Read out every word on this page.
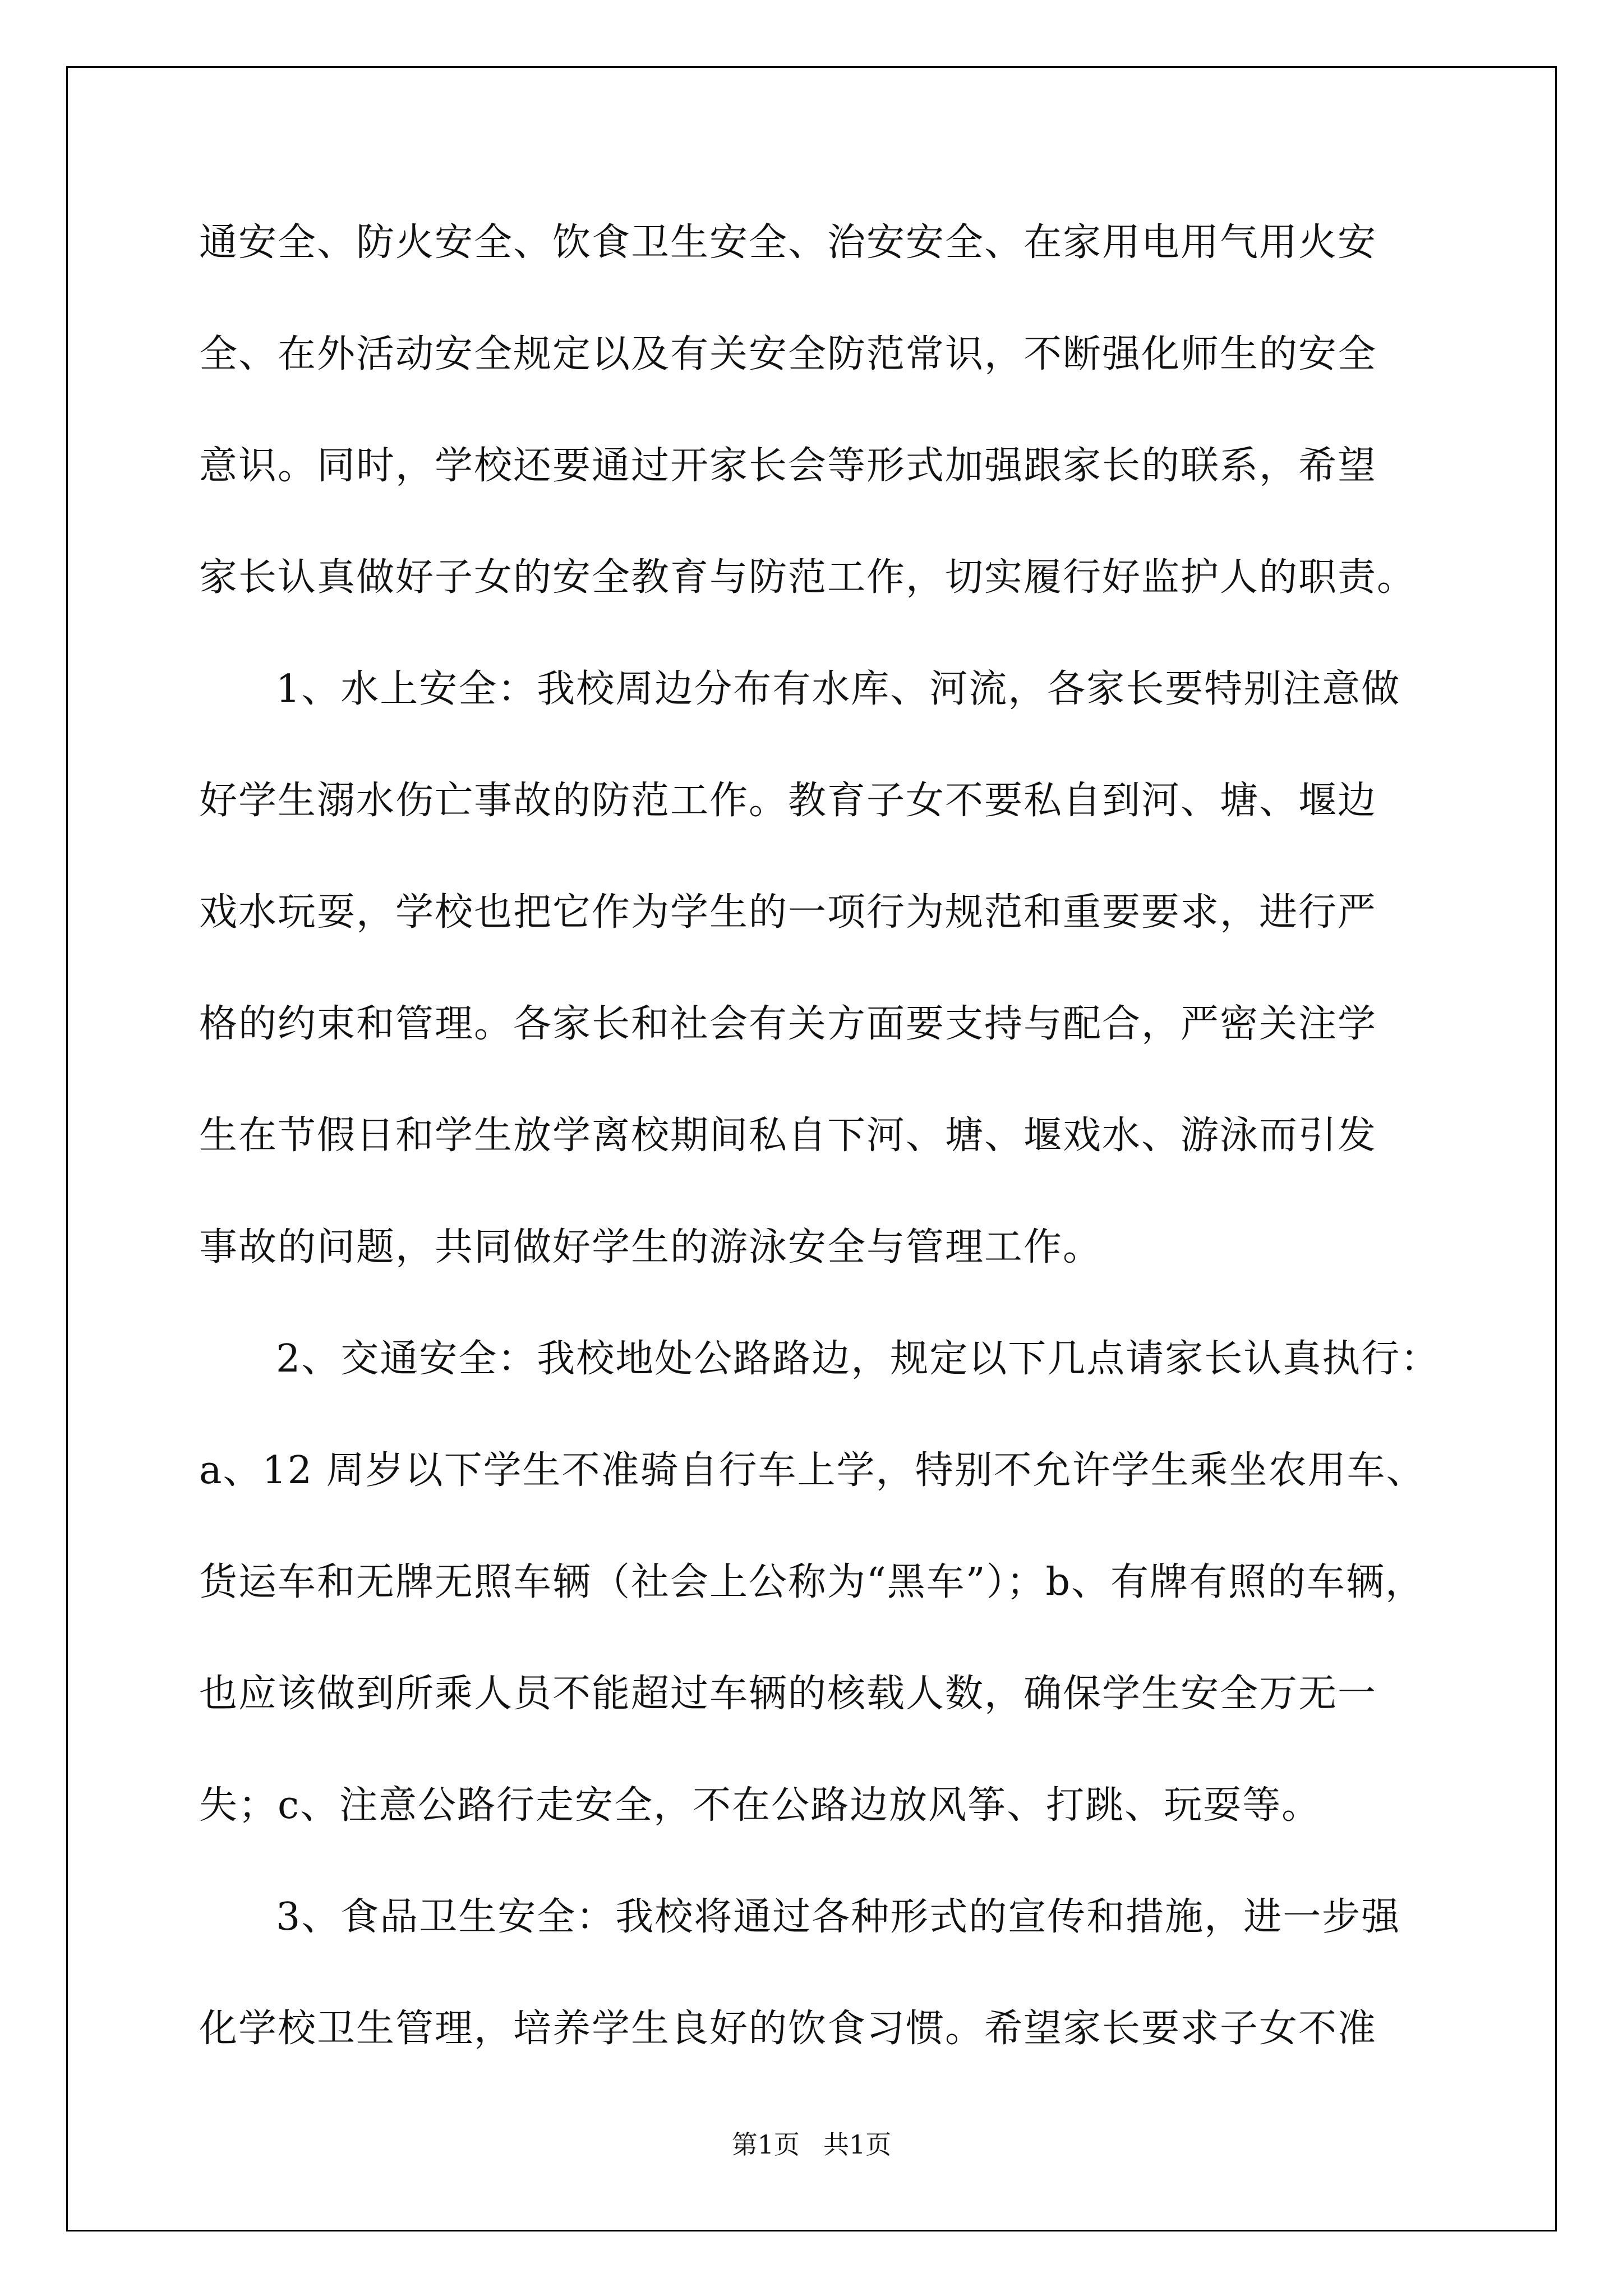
通安全、防火安全、饮食卫生安全、治安安全、在家用电用气用火安
全、在外活动安全规定以及有关安全防范常识，不断强化师生的安全
意识。同时，学校还要通过开家长会等形式加强跟家长的联系，希望
家长认真做好子女的安全教育与防范工作，切实履行好监护人的职责。
1、水上安全：我校周边分布有水库、河流，各家长要特别注意做
好学生溺水伤亡事故的防范工作。教育子女不要私自到河、塘、堰边
戏水玩耍，学校也把它作为学生的一项行为规范和重要要求，进行严
格的约束和管理。各家长和社会有关方面要支持与配合，严密关注学
生在节假日和学生放学离校期间私自下河、塘、堰戏水、游泳而引发
事故的问题，共同做好学生的游泳安全与管理工作。
2、交通安全：我校地处公路路边，规定以下几点请家长认真执行：
a、12 周岁以下学生不准骑自行车上学，特别不允许学生乘坐农用车、
货运车和无牌无照车辆（社会上公称为“黑车”）；b、有牌有照的车辆，
也应该做到所乘人员不能超过车辆的核载人数，确保学生安全万无一
失；c、注意公路行走安全，不在公路边放风筝、打跳、玩耍等。
3、食品卫生安全：我校将通过各种形式的宣传和措施，进一步强
化学校卫生管理，培养学生良好的饮食习惯。希望家长要求子女不准
第1页 共1页
